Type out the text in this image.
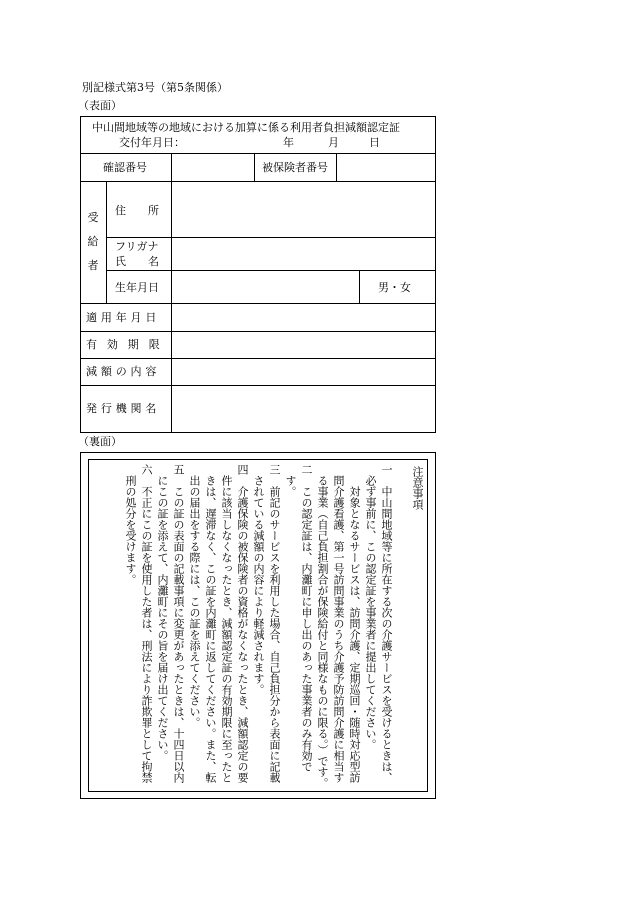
別記様式第3号（第5条関係）
（表面）
中山間地域等の地域における加算に係る利用者負担減額認定証
交付年月日：	年	月	日
確認番号	被保険者番号
受
給
者
住　　所
フリガナ
氏　　名
生年月日	男・女
適用年月日
有効期限
減額の内容
発行機関名
（裏面）
注意事項
一　中山間地域等に所在する次の介護サービスを受けるときは、
　必ず事前に、この認定証を事業者に提出してください。
　　対象となるサービスは、訪問介護、定期巡回・随時対応型訪
　問介護看護、第一号訪問事業のうち介護予防訪問介護に相当す
　る事業（自己負担割合が保険給付と同様なものに限る。）です。
二　この認定証は、内灘町に申し出のあった事業者のみ有効で
　す。
三　前記のサービスを利用した場合、自己負担分から表面に記載
　されている減額の内容により軽減されます。
四　介護保険の被保険者の資格がなくなったとき、減額認定の要
　件に該当しなくなったとき、減額認定証の有効期限に至ったと
　きは、遅滞なく、この証を内灘町に返してください。また、転
　出の届出をする際には、この証を添えてください。
五　この証の表面の記載事項に変更があったときは、十四日以内
　にこの証を添えて、内灘町にその旨を届け出てください。
六　不正にこの証を使用した者は、刑法により詐欺罪として拘禁
　刑の処分を受けます。
